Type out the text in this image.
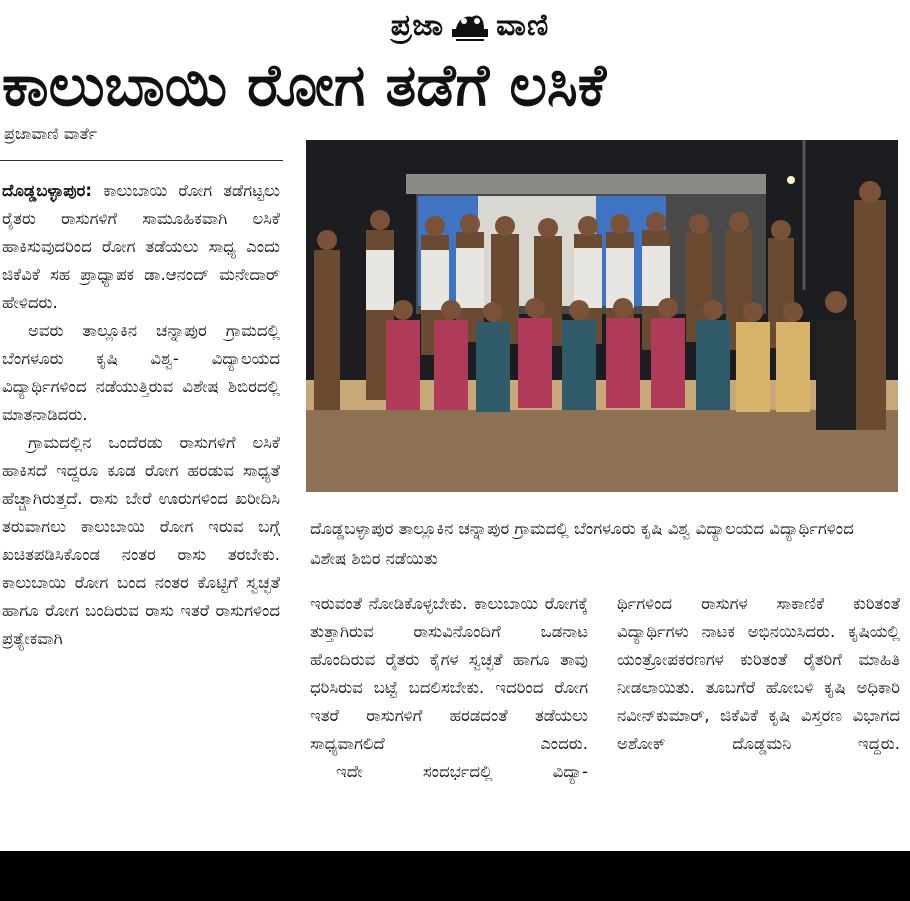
ಪ್ರಜಾ ವಾಣಿ
ಕಾಲುಬಾಯಿ ರೋಗ ತಡೆಗೆ ಲಸಿಕೆ
ಪ್ರಜಾವಾಣಿ ವಾರ್ತೆ

ದೊಡ್ಡಬಳ್ಳಾಪುರ: ಕಾಲುಬಾಯಿ ರೋಗ ತಡೆಗಟ್ಟಲು ರೈತರು ರಾಸುಗಳಿಗೆ ಸಾಮೂಹಿಕವಾಗಿ ಲಸಿಕೆ ಹಾಕಿಸುವುದರಿಂದ ರೋಗ ತಡೆಯಲು ಸಾಧ್ಯ ಎಂದು ಜಿಕೆವಿಕೆ ಸಹ ಪ್ರಾಧ್ಯಾಪಕ ಡಾ.ಆನಂದ್ ಮನೇದಾರ್ ಹೇಳಿದರು.

ಅವರು ತಾಲ್ಲೂಕಿನ ಚನ್ನಾಪುರ ಗ್ರಾಮದಲ್ಲಿ ಬೆಂಗಳೂರು ಕೃಷಿ ವಿಶ್ವ- ವಿದ್ಯಾಲಯದ ವಿದ್ಯಾರ್ಥಿಗಳಿಂದ ನಡೆಯುತ್ತಿರುವ ವಿಶೇಷ ಶಿಬಿರದಲ್ಲಿ ಮಾತನಾಡಿದರು.

ಗ್ರಾಮದಲ್ಲಿನ ಒಂದೆರಡು ರಾಸುಗಳಿಗೆ ಲಸಿಕೆ ಹಾಕಿಸದೆ ಇದ್ದರೂ ಕೂಡ ರೋಗ ಹರಡುವ ಸಾಧ್ಯತೆ ಹೆಚ್ಚಾಗಿರುತ್ತದೆ. ರಾಸು ಬೇರೆ ಊರುಗಳಿಂದ ಖರೀದಿಸಿ ತರುವಾಗಲು ಕಾಲುಬಾಯಿ ರೋಗ ಇರುವ ಬಗ್ಗೆ ಖಚಿತಪಡಿಸಿಕೊಂಡ ನಂತರ ರಾಸು ತರಬೇಕು. ಕಾಲುಬಾಯಿ ರೋಗ ಬಂದ ನಂತರ ಕೊಟ್ಟಿಗೆ ಸ್ವಚ್ಛತೆ ಹಾಗೂ ರೋಗ ಬಂದಿರುವ ರಾಸು ಇತರೆ ರಾಸುಗಳಿಂದ ಪ್ರತ್ಯೇಕವಾಗಿ

ದೊಡ್ಡಬಳ್ಳಾಪುರ ತಾಲ್ಲೂಕಿನ ಚನ್ನಾಪುರ ಗ್ರಾಮದಲ್ಲಿ ಬೆಂಗಳೂರು ಕೃಷಿ ವಿಶ್ವ ವಿದ್ಯಾಲಯದ ವಿದ್ಯಾರ್ಥಿಗಳಿಂದ ವಿಶೇಷ ಶಿಬಿರ ನಡೆಯಿತು

ಇರುವಂತೆ ನೋಡಿಕೊಳ್ಳಬೇಕು. ಕಾಲುಬಾಯಿ ರೋಗಕ್ಕೆ ತುತ್ತಾಗಿರುವ ರಾಸುವಿನೊಂದಿಗೆ ಒಡನಾಟ ಹೊಂದಿರುವ ರೈತರು ಕೈಗಳ ಸ್ವಚ್ಛತೆ ಹಾಗೂ ತಾವು ಧರಿಸಿರುವ ಬಟ್ಟೆ ಬದಲಿಸಬೇಕು. ಇದರಿಂದ ರೋಗ ಇತರೆ ರಾಸುಗಳಿಗೆ ಹರಡದಂತೆ ತಡೆಯಲು ಸಾಧ್ಯವಾಗಲಿದೆ ಎಂದರು.

ಇದೇ ಸಂದರ್ಭದಲ್ಲಿ ವಿದ್ಯಾ-

ರ್ಥಿಗಳಿಂದ ರಾಸುಗಳ ಸಾಕಾಣಿಕೆ ಕುರಿತಂತೆ ವಿದ್ಯಾರ್ಥಿಗಳು ನಾಟಕ ಅಭಿನಯಿಸಿದರು. ಕೃಷಿಯಲ್ಲಿ ಯಂತ್ರೋಪಕರಣಗಳ ಕುರಿತಂತೆ ರೈತರಿಗೆ ಮಾಹಿತಿ ನೀಡಲಾಯಿತು. ತೂಬಗೆರೆ ಹೋಬಳಿ ಕೃಷಿ ಅಧಿಕಾರಿ ನವೀನ್‌ಕುಮಾರ್, ಜಿಕೆವಿಕೆ ಕೃಷಿ ವಿಸ್ತರಣ ವಿಭಾಗದ ಅಶೋಕ್ ದೊಡ್ಡಮನಿ ಇದ್ದರು.
